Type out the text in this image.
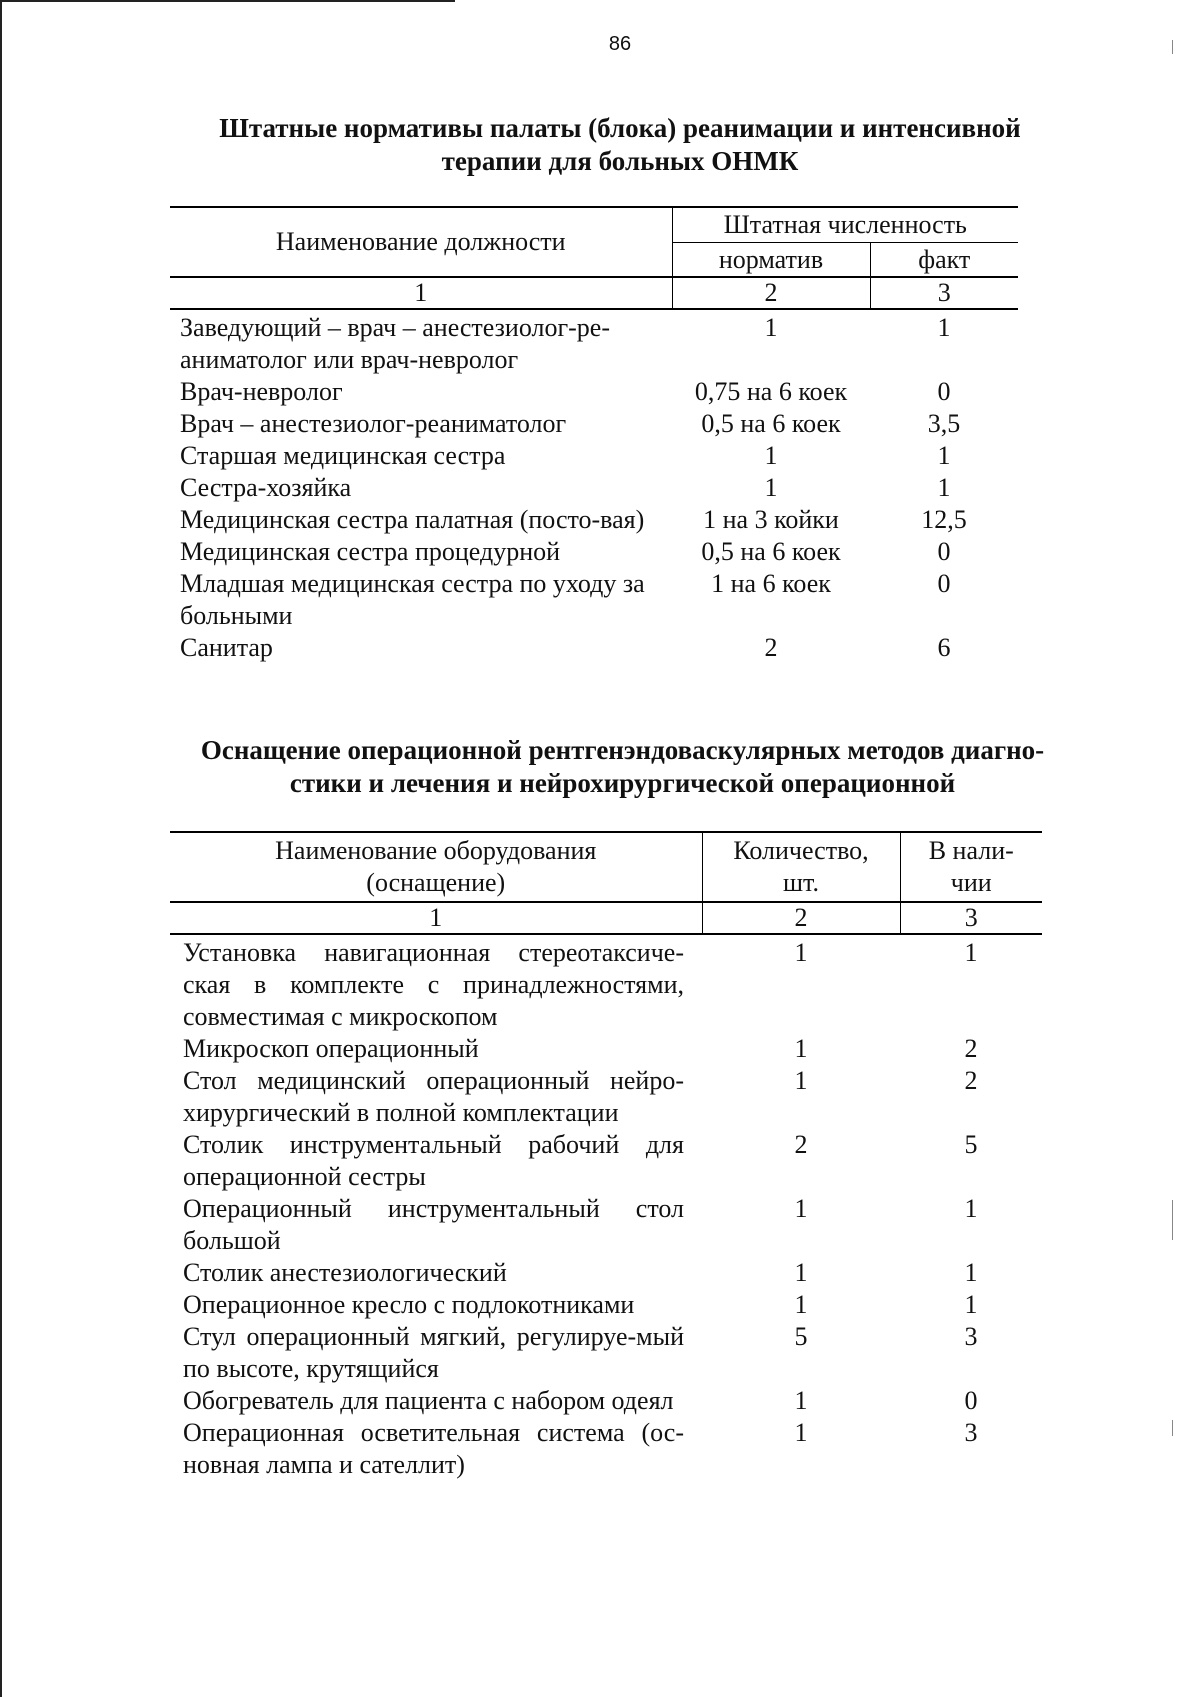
86
Штатные нормативы палаты (блока) реанимации и интенсивной
терапии для больных ОНМК
Наименование должности	Штатная численность	
	норматив	факт
1	2	3
Заведующий – врач – анестезиолог-ре-аниматолог или врач-невролог	1	1
Врач-невролог	0,75 на 6 коек	0
Врач – анестезиолог-реаниматолог	0,5 на 6 коек	3,5
Старшая медицинская сестра	1	1
Сестра-хозяйка	1	1
Медицинская сестра палатная (посто-вая)	1 на 3 койки	12,5
Медицинская сестра процедурной	0,5 на 6 коек	0
Младшая медицинская сестра по уходу за больными	1 на 6 коек	0
Санитар	2	6
Оснащение операционной рентгенэндоваскулярных методов диагно-
стики и лечения и нейрохирургической операционной
Наименование оборудования (оснащение)	Количество, шт.	В нали-чии
1	2	3
Установка навигационная стереотаксиче-ская в комплекте с принадлежностями, совместимая с микроскопом	1	1
Микроскоп операционный	1	2
Стол медицинский операционный нейро-хирургический в полной комплектации	1	2
Столик инструментальный рабочий для операционной сестры	2	5
Операционный инструментальный стол большой	1	1
Столик анестезиологический	1	1
Операционное кресло с подлокотниками	1	1
Стул операционный мягкий, регулируе-мый по высоте, крутящийся	5	3
Обогреватель для пациента с набором одеял	1	0
Операционная осветительная система (ос-новная лампа и сателлит)	1	3
